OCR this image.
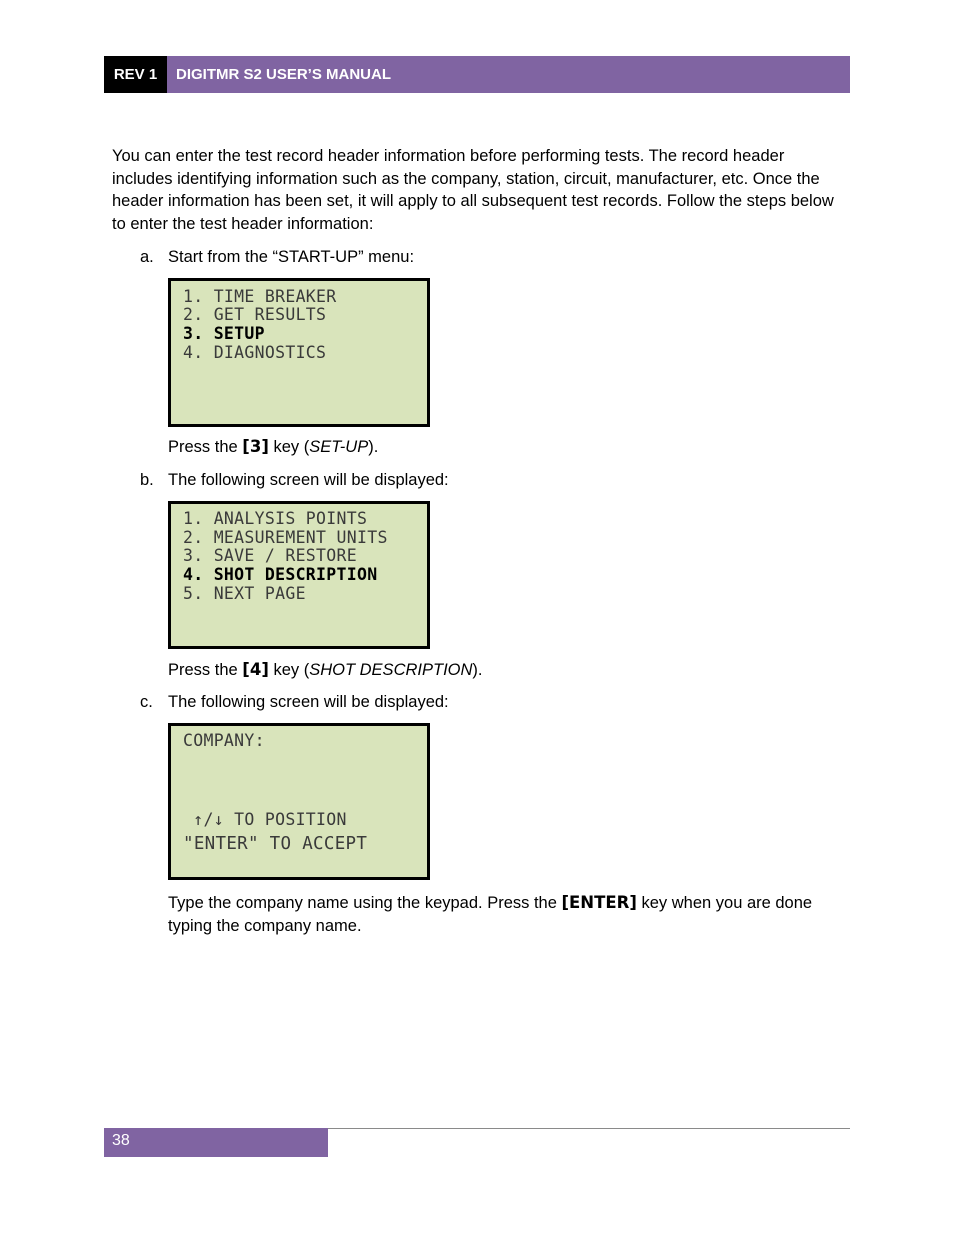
REV 1	DIGITMR S2 USER’S MANUAL

You can enter the test record header information before performing tests. The record header includes identifying information such as the company, station, circuit, manufacturer, etc. Once the header information has been set, it will apply to all subsequent test records. Follow the steps below to enter the test header information:

a. Start from the “START-UP” menu:
1. TIME BREAKER
2. GET RESULTS
3. SETUP
4. DIAGNOSTICS
Press the [3] key (SET-UP).
b. The following screen will be displayed:
1. ANALYSIS POINTS
2. MEASUREMENT UNITS
3. SAVE / RESTORE
4. SHOT DESCRIPTION
5. NEXT PAGE
Press the [4] key (SHOT DESCRIPTION).
c. The following screen will be displayed:
COMPANY:
↑/↓ TO POSITION
"ENTER" TO ACCEPT
Type the company name using the keypad. Press the [ENTER] key when you are done typing the company name.
38
